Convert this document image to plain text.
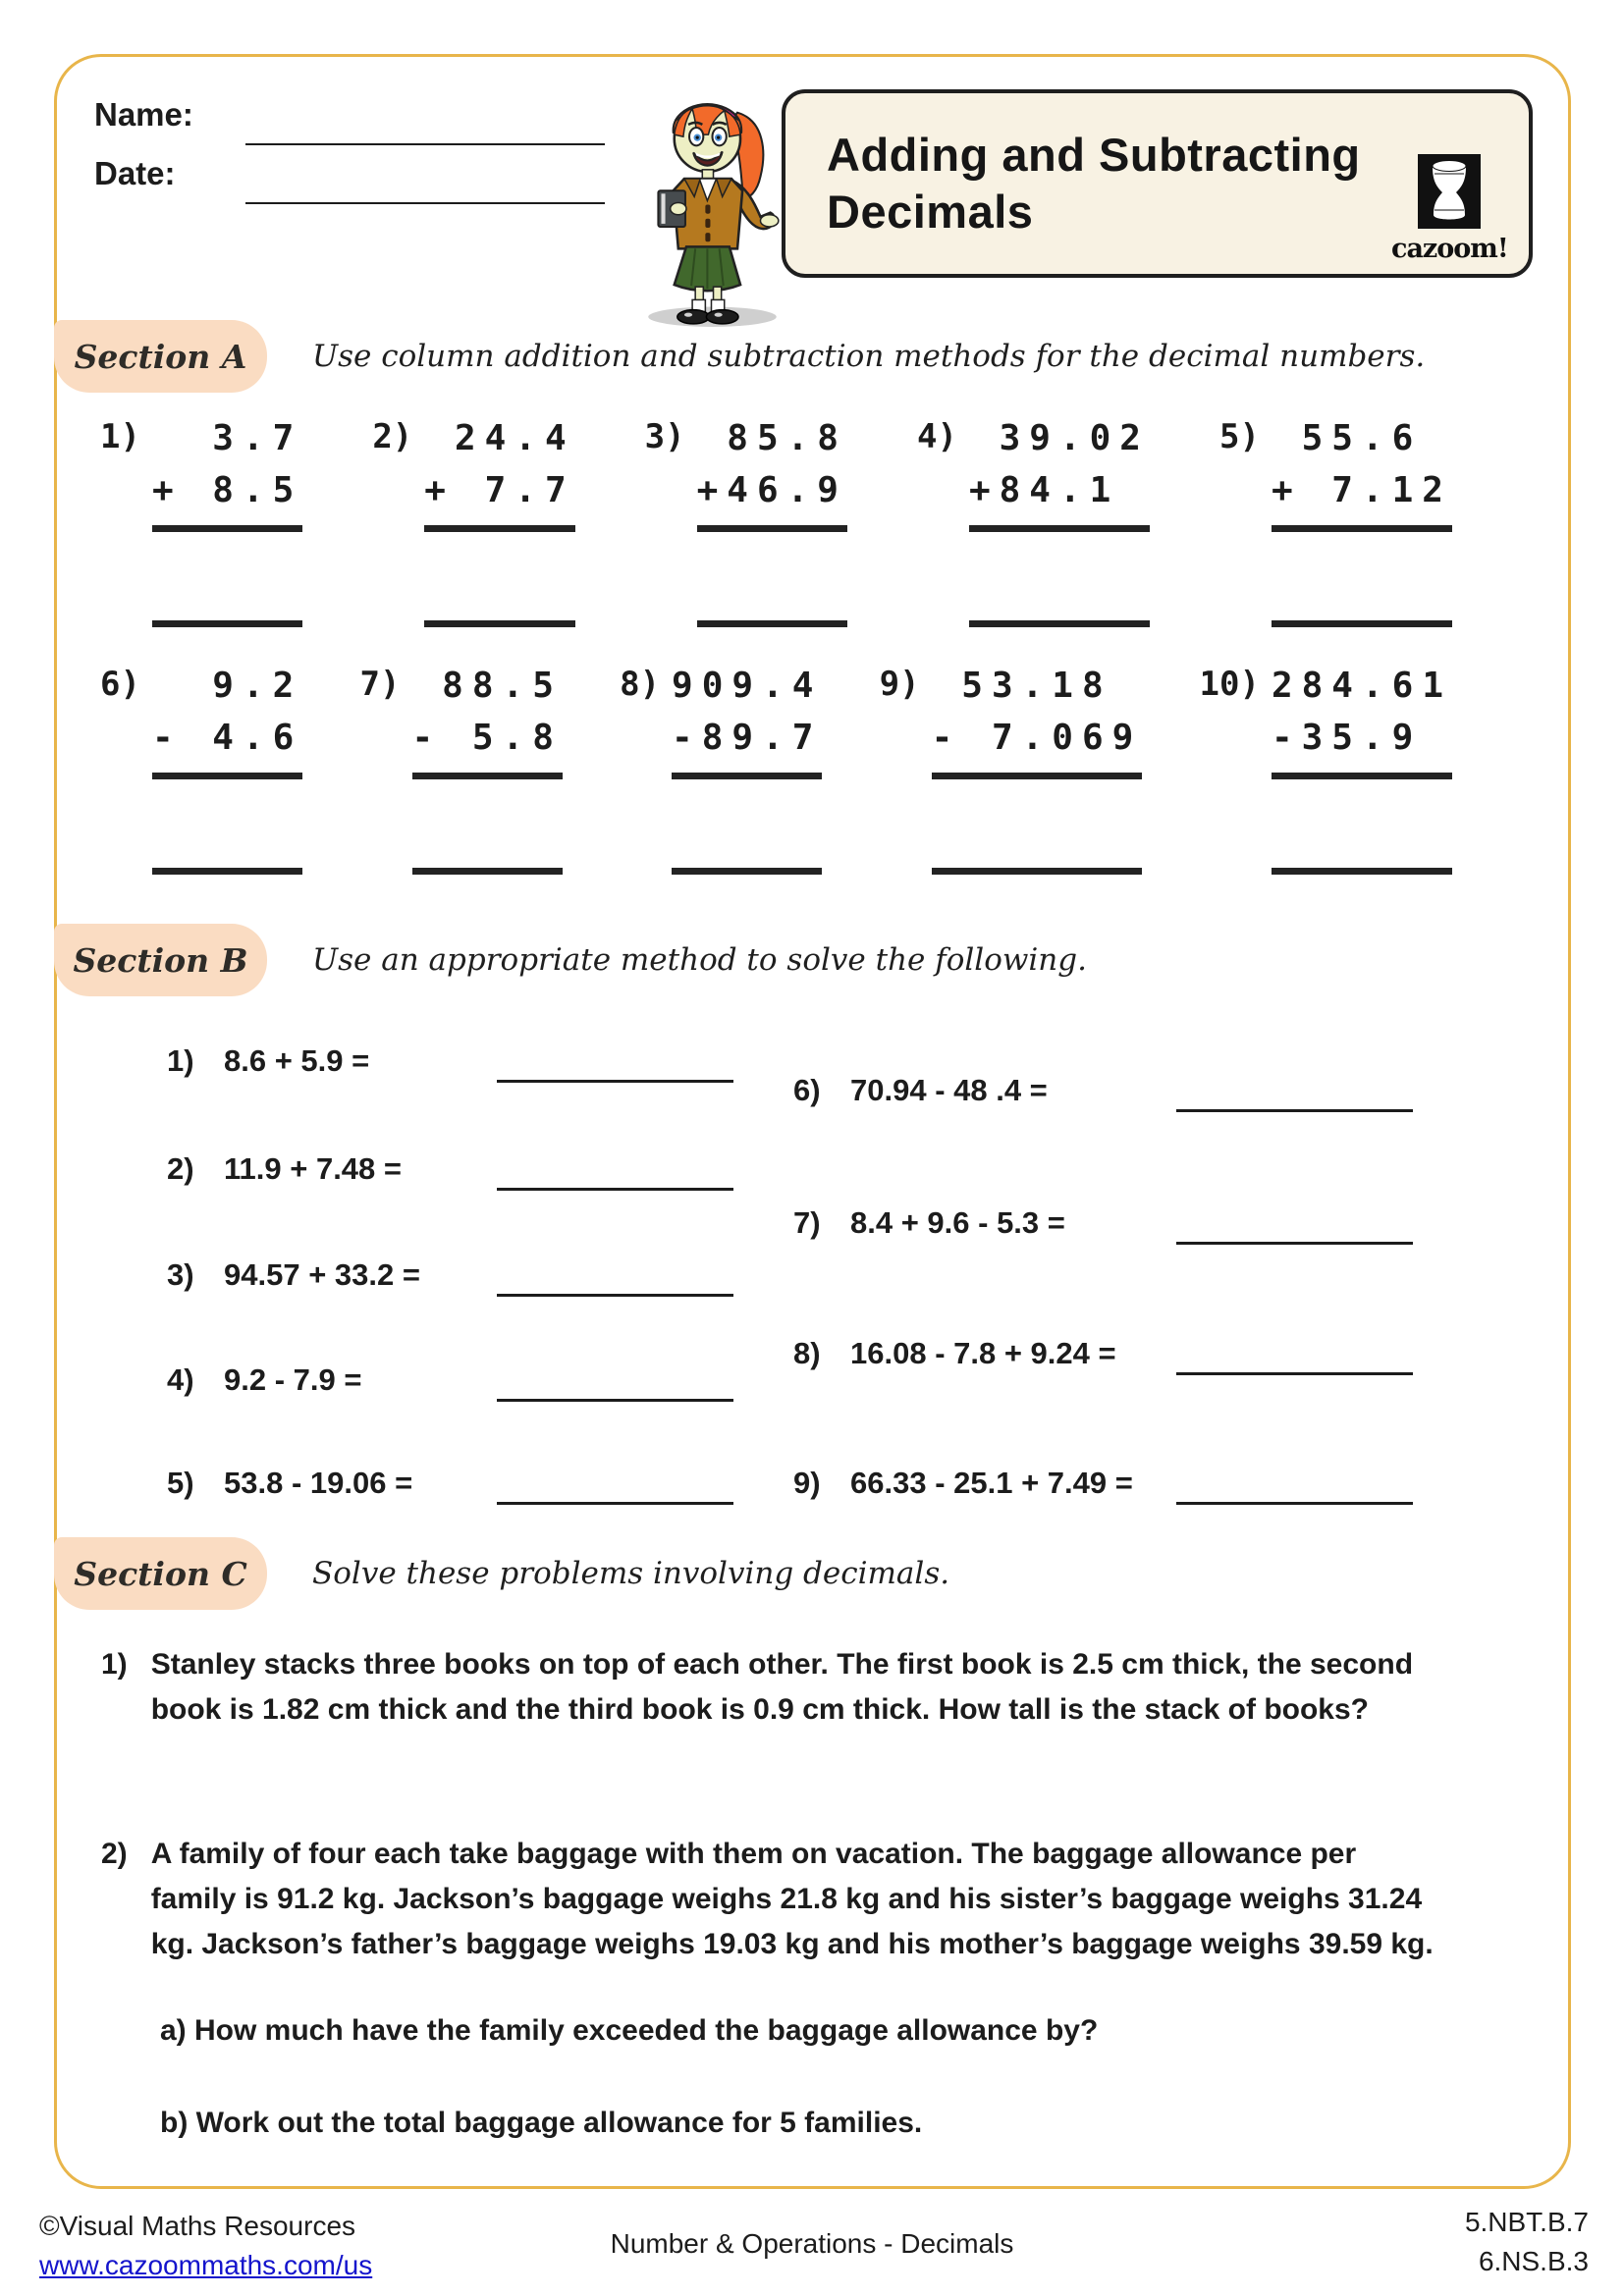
Name:
Date:	Adding and Subtracting
Decimals
cazoom!
Section A	Use column addition and subtraction methods for the decimal numbers.
1) 3.7
+ 8.5
2) 24.4
+ 7.7
3) 85.8
+46.9
4) 39.02
+84.1
5) 55.6
+ 7.12
6) 9.2
- 4.6
7) 88.5
- 5.8
8) 909.4
-89.7
9) 53.18
- 7.069
10) 284.61
-35.9
Section B	Use an appropriate method to solve the following.
1) 8.6 + 5.9 =
2) 11.9 + 7.48 =
3) 94.57 + 33.2 =
4) 9.2 - 7.9 =
5) 53.8 - 19.06 =
6) 70.94 - 48 .4 =
7) 8.4 + 9.6 - 5.3 =
8) 16.08 - 7.8 + 9.24 =
9) 66.33 - 25.1 + 7.49 =
Section C	Solve these problems involving decimals.
1) Stanley stacks three books on top of each other. The first book is 2.5 cm thick, the second book is 1.82 cm thick and the third book is 0.9 cm thick. How tall is the stack of books?
2) A family of four each take baggage with them on vacation. The baggage allowance per family is 91.2 kg. Jackson’s baggage weighs 21.8 kg and his sister’s baggage weighs 31.24 kg. Jackson’s father’s baggage weighs 19.03 kg and his mother’s baggage weighs 39.59 kg.
a) How much have the family exceeded the baggage allowance by?
b) Work out the total baggage allowance for 5 families.
©Visual Maths Resources
www.cazoommaths.com/us
Number & Operations - Decimals
5.NBT.B.7
6.NS.B.3
